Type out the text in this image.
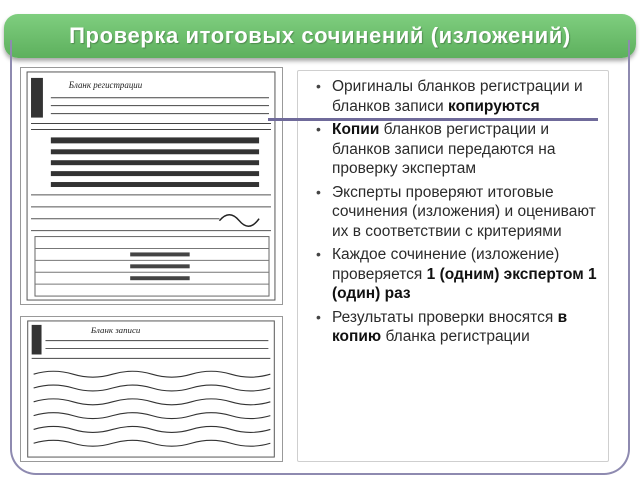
Проверка итоговых сочинений (изложений)
Бланк регистрации
Бланк записи
• Оригиналы бланков регистрации и бланков записи копируются
• Копии бланков регистрации и бланков записи передаются на проверку экспертам
• Эксперты проверяют итоговые сочинения (изложения) и оценивают их в соответствии с критериями
• Каждое сочинение (изложение) проверяется 1 (одним) экспертом 1 (один) раз
• Результаты проверки вносятся в копию бланка регистрации
